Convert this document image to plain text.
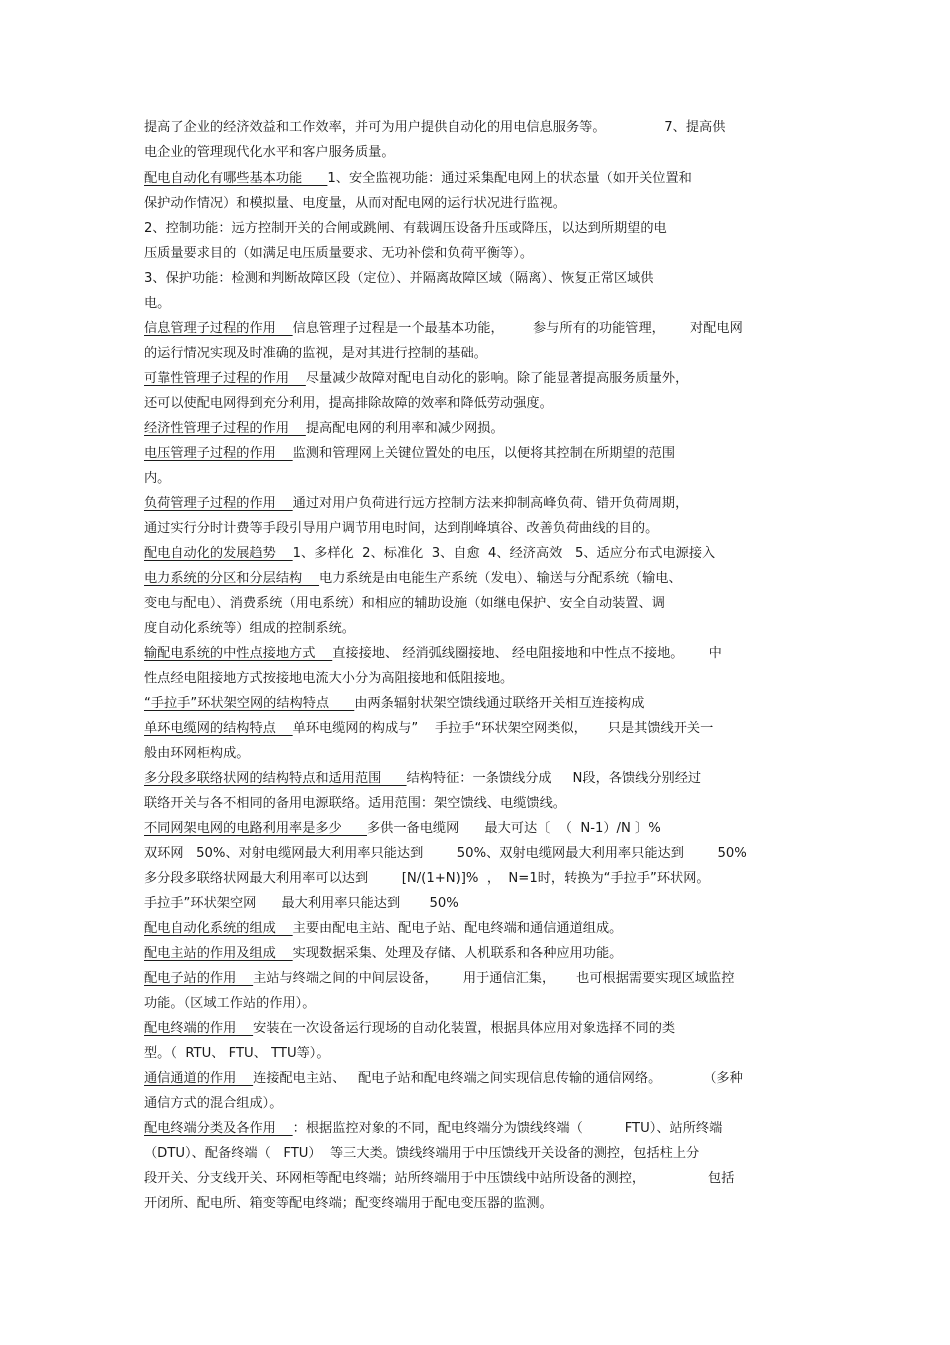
提高了企业的经济效益和工作效率，并可为用户提供自动化的用电信息服务等。              7、提高供
电企业的管理现代化水平和客户服务质量。
配电自动化有哪些基本功能      1、安全监视功能：通过采集配电网上的状态量（如开关位置和
保护动作情况）和模拟量、电度量，从而对配电网的运行状况进行监视。
2、控制功能：远方控制开关的合闸或跳闸、有载调压设备升压或降压，以达到所期望的电
压质量要求目的（如满足电压质量要求、无功补偿和负荷平衡等）。
3、保护功能：检测和判断故障区段（定位）、并隔离故障区域（隔离）、恢复正常区域供
电。
信息管理子过程的作用    信息管理子过程是一个最基本功能，       参与所有的功能管理，      对配电网
的运行情况实现及时准确的监视，是对其进行控制的基础。
可靠性管理子过程的作用    尽量减少故障对配电自动化的影响。除了能显著提高服务质量外，
还可以使配电网得到充分利用，提高排除故障的效率和降低劳动强度。
经济性管理子过程的作用    提高配电网的利用率和减少网损。
电压管理子过程的作用    监测和管理网上关键位置处的电压，以便将其控制在所期望的范围
内。
负荷管理子过程的作用    通过对用户负荷进行远方控制方法来抑制高峰负荷、错开负荷周期，
通过实行分时计费等手段引导用户调节用电时间，达到削峰填谷、改善负荷曲线的目的。
配电自动化的发展趋势    1、多样化  2、标准化  3、自愈  4、经济高效   5、适应分布式电源接入
电力系统的分区和分层结构    电力系统是由电能生产系统（发电）、输送与分配系统（输电、
变电与配电）、消费系统（用电系统）和相应的辅助设施（如继电保护、安全自动装置、调
度自动化系统等）组成的控制系统。
输配电系统的中性点接地方式    直接接地、 经消弧线圈接地、 经电阻接地和中性点不接地。      中
性点经电阻接地方式按接地电流大小分为高阻接地和低阻接地。
“手拉手”环状架空网的结构特点      由两条辐射状架空馈线通过联络开关相互连接构成
单环电缆网的结构特点    单环电缆网的构成与”    手拉手“环状架空网类似，     只是其馈线开关一
般由环网柜构成。
多分段多联络状网的结构特点和适用范围      结构特征：一条馈线分成     N段，各馈线分别经过
联络开关与各不相同的备用电源联络。适用范围：架空馈线、电缆馈线。
不同网架电网的电路利用率是多少      多供一备电缆网      最大可达〔  （  N-1）/N 〕%
双环网   50%、对射电缆网最大利用率只能达到        50%、双射电缆网最大利用率只能达到        50%
多分段多联络状网最大利用率可以达到        [N/(1+N)]%  ，  N=1时，转换为“手拉手”环状网。
手拉手”环状架空网      最大利用率只能达到       50%
配电自动化系统的组成    主要由配电主站、配电子站、配电终端和通信通道组成。
配电主站的作用及组成    实现数据采集、处理及存储、人机联系和各种应用功能。
配电子站的作用    主站与终端之间的中间层设备，      用于通信汇集，     也可根据需要实现区域监控
功能。（区域工作站的作用）。
配电终端的作用    安装在一次设备运行现场的自动化装置，根据具体应用对象选择不同的类
型。（  RTU、 FTU、 TTU等）。
通信通道的作用    连接配电主站、   配电子站和配电终端之间实现信息传输的通信网络。          （多种
通信方式的混合组成）。
配电终端分类及各作用    ：根据监控对象的不同，配电终端分为馈线终端（          FTU）、站所终端
（DTU）、配备终端（   FTU）  等三大类。馈线终端用于中压馈线开关设备的测控，包括柱上分
段开关、分支线开关、环网柜等配电终端；站所终端用于中压馈线中站所设备的测控，               包括
开闭所、配电所、箱变等配电终端；配变终端用于配电变压器的监测。
